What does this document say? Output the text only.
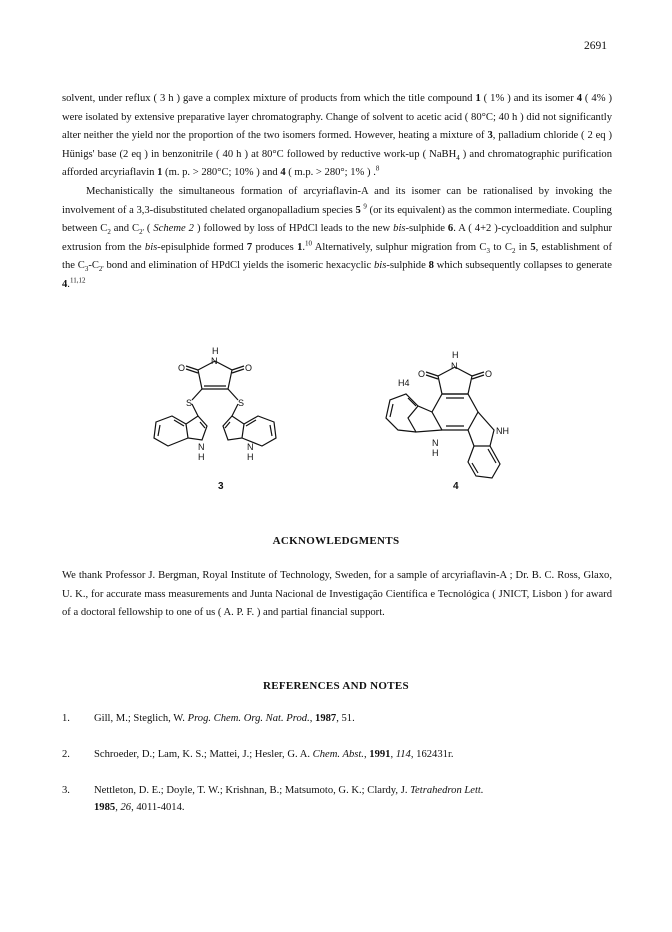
2691

solvent, under reflux ( 3 h ) gave a complex mixture of products from which the title compound 1 ( 1% ) and its isomer 4 ( 4% ) were isolated by extensive preparative layer chromatography. Change of solvent to acetic acid ( 80°C; 40 h ) did not significantly alter neither the yield nor the proportion of the two isomers formed. However, heating a mixture of 3, palladium chloride ( 2 eq ) Hünigs' base (2 eq ) in benzonitrile ( 40 h ) at 80°C followed by reductive work-up ( NaBH$_4$ ) and chromatographic purification afforded arcyriaflavin 1 (m. p. > 280°C; 10% ) and 4 ( m.p. > 280°; 1% ) .$^8$

Mechanistically the simultaneous formation of arcyriaflavin-A and its isomer can be rationalised by invoking the involvement of a 3,3-disubstituted chelated organopalladium species 5 $^9$ (or its equivalent) as the common intermediate. Coupling between $C_2$ and $C_{2'}$ ( Scheme 2 ) followed by loss of HPdCl leads to the new bis-sulphide 6. A ( 4+2 )-cycloaddition and sulphur extrusion from the bis-episulphide formed 7 produces 1.10 Alternatively, sulphur migration from $C_3$ to $C_2$ in 5, establishment of the $C_3-C_{2'}$ bond and elimination of HPdCl yields the isomeric hexacyclic bis-sulphide 8 which subsequently collapses to generate 4.$^{11,12}$

H
N
O	O
S	S
N
H
N
H
H
N
O	O
H4
NH
N
H
3	4
ACKNOWLEDGMENTS
We thank Professor J. Bergman, Royal Institute of Technology, Sweden, for a sample of arcyriaflavin-A ; Dr. B. C. Ross, Glaxo, U. K., for accurate mass measurements and Junta Nacional de Investigação Científica e Tecnológica ( JNICT, Lisbon ) for award of a doctoral fellowship to one of us ( A. P. F. ) and partial financial support.
REFERENCES AND NOTES
1. Gill, M.; Steglich, W. Prog. Chem. Org. Nat. Prod., 1987, 51.
2. Schroeder, D.; Lam, K. S.; Mattei, J.; Hesler, G. A. Chem. Abst., 1991, 114, 162431r.
3. Nettleton, D. E.; Doyle, T. W.; Krishnan, B.; Matsumoto, G. K.; Clardy, J. Tetrahedron Lett.
1985, 26, 4011-4014.
